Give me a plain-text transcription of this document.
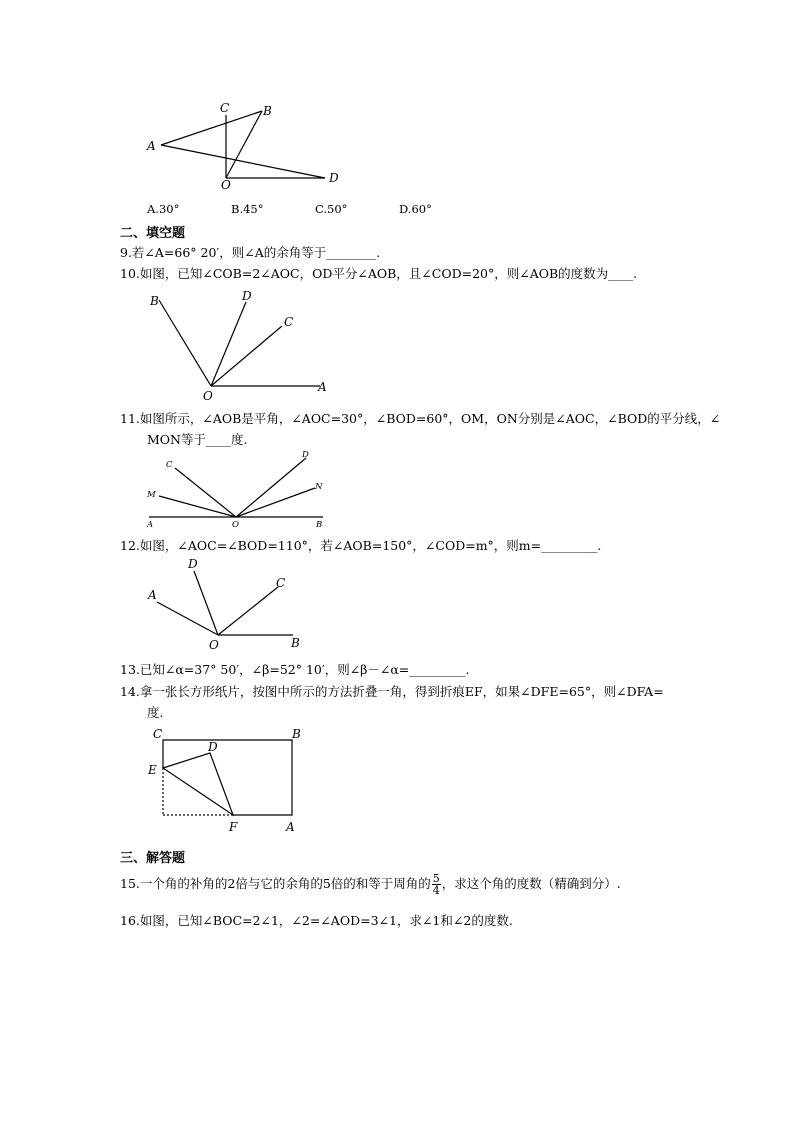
A
C	B
O	D
A.30°	B.45°	C.50°	D.60°
二、填空题
9.若∠A=66° 20′，则∠A的余角等于________.
10.如图，已知∠COB=2∠AOC，OD平分∠AOB，且∠COD=20°，则∠AOB的度数为____.
B	D
C
A
O
11.如图所示，∠AOB是平角，∠AOC=30°，∠BOD=60°，OM，ON分别是∠AOC，∠BOD的平分线，∠
MON等于____度.
C
M
D
N
A	O	B
12.如图，∠AOC=∠BOD=110°，若∠AOB=150°，∠COD=m°，则m=_________.
D
A
C
B
O
13.已知∠α=37° 50′，∠β=52° 10′，则∠β－∠α=_________.
14.拿一张长方形纸片，按图中所示的方法折叠一角，得到折痕EF，如果∠DFE=65°，则∠DFA=
度.
C
D
B
E
F	A
三、解答题
15.一个角的补角的2倍与它的余角的5倍的和等于周角的 $\frac{5}{4}$ ，求这个角的度数（精确到分）.
16.如图，已知∠BOC=2∠1，∠2=∠AOD=3∠1，求∠1和∠2的度数.
